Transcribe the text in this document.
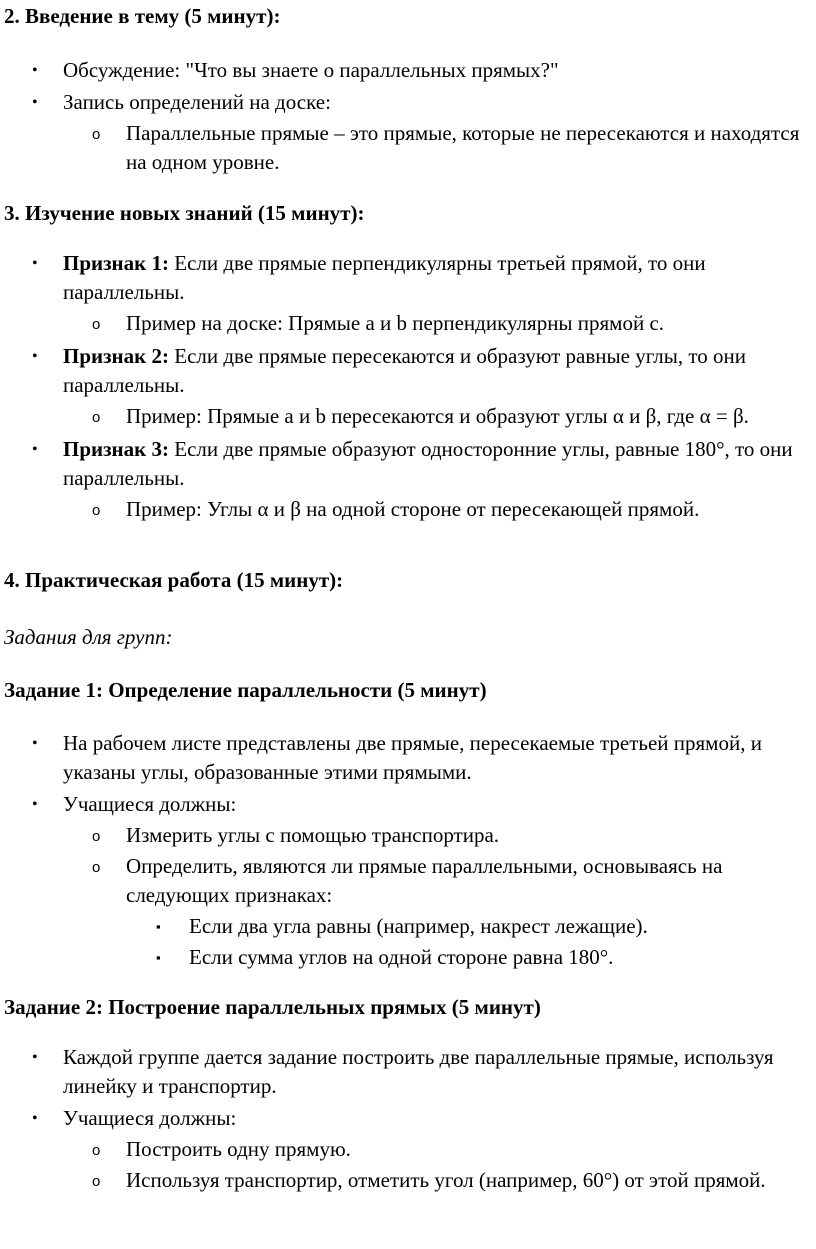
2. Введение в тему (5 минут):

• Обсуждение: "Что вы знаете о параллельных прямых?"

• Запись определений на доске:

o Параллельные прямые – это прямые, которые не пересекаются и находятся на одном уровне.

3. Изучение новых знаний (15 минут):

• Признак 1: Если две прямые перпендикулярны третьей прямой, то они параллельны.

o Пример на доске: Прямые a и b перпендикулярны прямой c.

• Признак 2: Если две прямые пересекаются и образуют равные углы, то они параллельны.

o Пример: Прямые a и b пересекаются и образуют углы α и β, где α = β.

• Признак 3: Если две прямые образуют односторонние углы, равные 180°, то они параллельны.

o Пример: Углы α и β на одной стороне от пересекающей прямой.

4. Практическая работа (15 минут):

Задания для групп:

Задание 1: Определение параллельности (5 минут)

• На рабочем листе представлены две прямые, пересекаемые третьей прямой, и указаны углы, образованные этими прямыми.

• Учащиеся должны:

o Измерить углы с помощью транспортира.

o Определить, являются ли прямые параллельными, основываясь на следующих признаках:

▪ Если два угла равны (например, накрест лежащие).

▪ Если сумма углов на одной стороне равна 180°.

Задание 2: Построение параллельных прямых (5 минут)

• Каждой группе дается задание построить две параллельные прямые, используя линейку и транспортир.

• Учащиеся должны:

o Построить одну прямую.

o Используя транспортир, отметить угол (например, 60°) от этой прямой.
